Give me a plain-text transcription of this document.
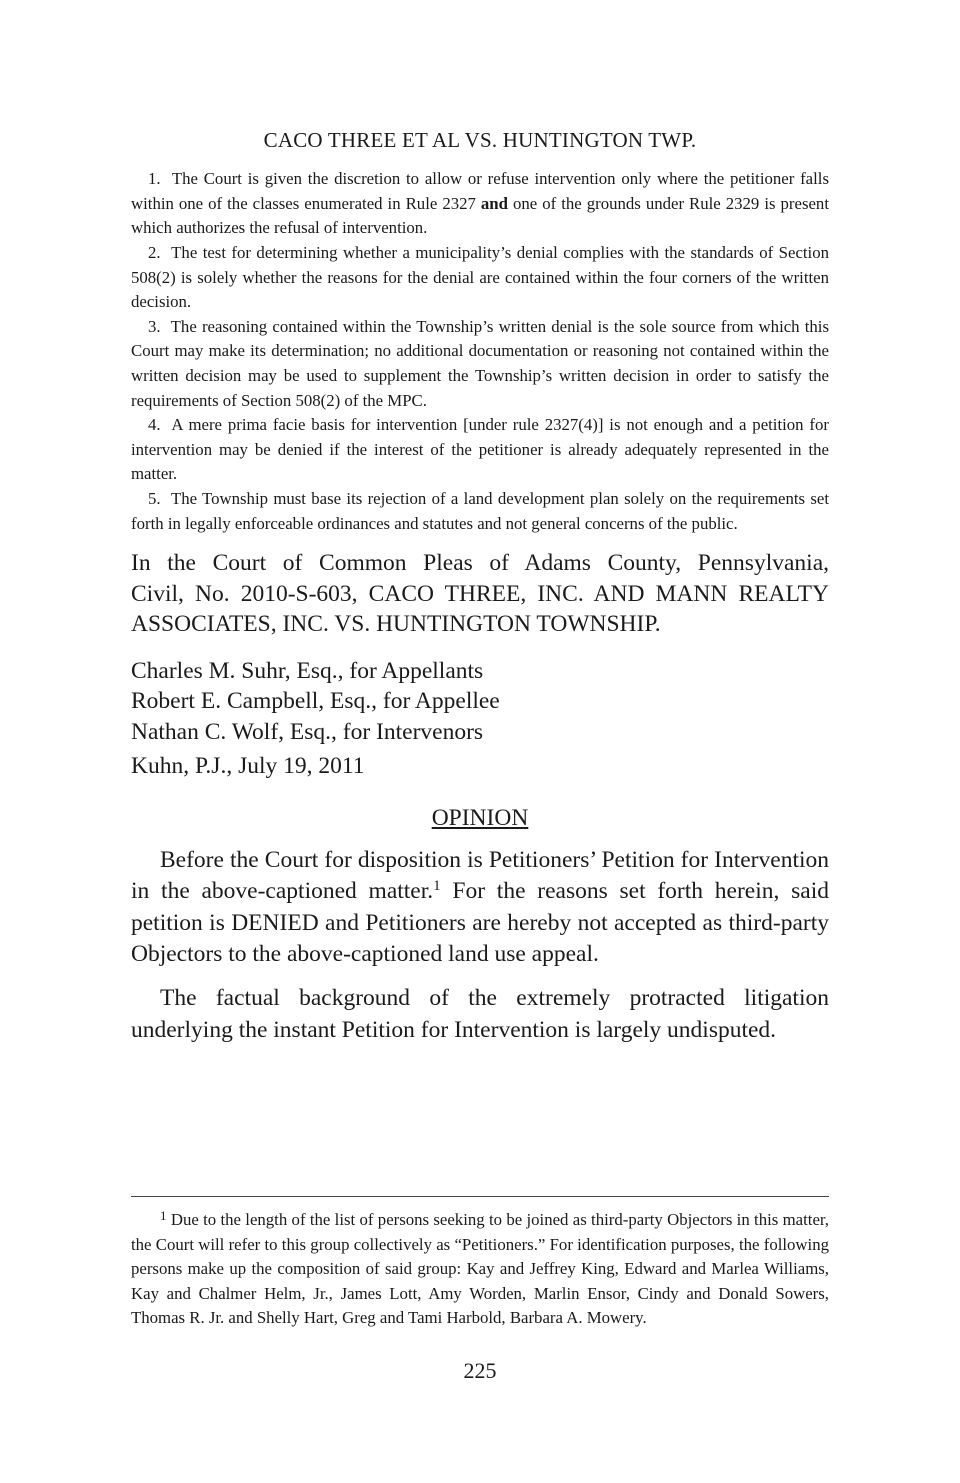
CACO THREE ET AL VS. HUNTINGTON TWP.

1. The Court is given the discretion to allow or refuse intervention only where the petitioner falls within one of the classes enumerated in Rule 2327 and one of the grounds under Rule 2329 is present which authorizes the refusal of intervention.

2. The test for determining whether a municipality’s denial complies with the standards of Section 508(2) is solely whether the reasons for the denial are contained within the four corners of the written decision.

3. The reasoning contained within the Township’s written denial is the sole source from which this Court may make its determination; no additional documentation or reasoning not contained within the written decision may be used to supplement the Township’s written decision in order to satisfy the requirements of Section 508(2) of the MPC.

4. A mere prima facie basis for intervention [under rule 2327(4)] is not enough and a petition for intervention may be denied if the interest of the petitioner is already adequately represented in the matter.

5. The Township must base its rejection of a land development plan solely on the requirements set forth in legally enforceable ordinances and statutes and not general concerns of the public.

In the Court of Common Pleas of Adams County, Pennsylvania,
Civil, No. 2010-S-603, CACO THREE, INC. AND MANN REALTY
ASSOCIATES, INC. VS. HUNTINGTON TOWNSHIP.
Charles M. Suhr, Esq., for Appellants
Robert E. Campbell, Esq., for Appellee
Nathan C. Wolf, Esq., for Intervenors
Kuhn, P.J., July 19, 2011
OPINION

Before the Court for disposition is Petitioners’ Petition for Intervention in the above-captioned matter.$^1$ For the reasons set forth herein, said petition is DENIED and Petitioners are hereby not accepted as third-party Objectors to the above-captioned land use appeal.

The factual background of the extremely protracted litigation underlying the instant Petition for Intervention is largely undisputed.

$^1$ Due to the length of the list of persons seeking to be joined as third-party Objectors in this matter, the Court will refer to this group collectively as “Petitioners.” For identification purposes, the following persons make up the composition of said group: Kay and Jeffrey King, Edward and Marlea Williams, Kay and Chalmer Helm, Jr., James Lott, Amy Worden, Marlin Ensor, Cindy and Donald Sowers, Thomas R. Jr. and Shelly Hart, Greg and Tami Harbold, Barbara A. Mowery.

225
